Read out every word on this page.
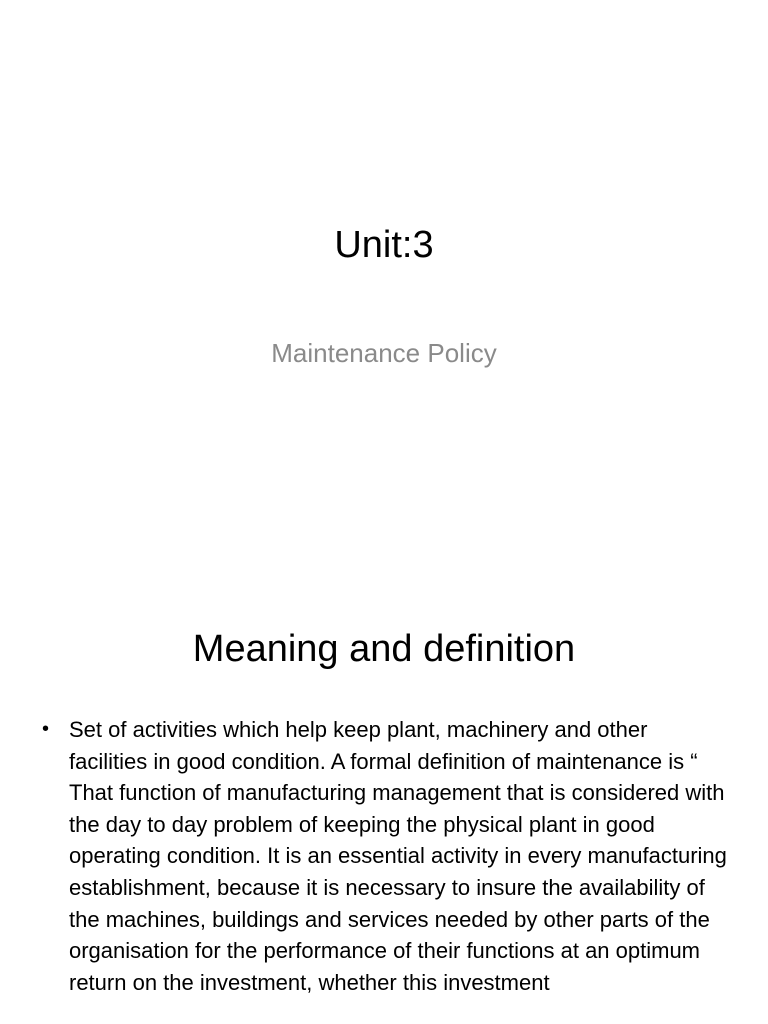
Unit:3
Maintenance Policy
Meaning and definition
• Set of activities which help keep plant, machinery and other facilities in good condition. A formal definition of maintenance is “ That function of manufacturing management that is considered with the day to day problem of keeping the physical plant in good operating condition. It is an essential activity in every manufacturing establishment, because it is necessary to insure the availability of the machines, buildings and services needed by other parts of the organisation for the performance of their functions at an optimum return on the investment, whether this investment
